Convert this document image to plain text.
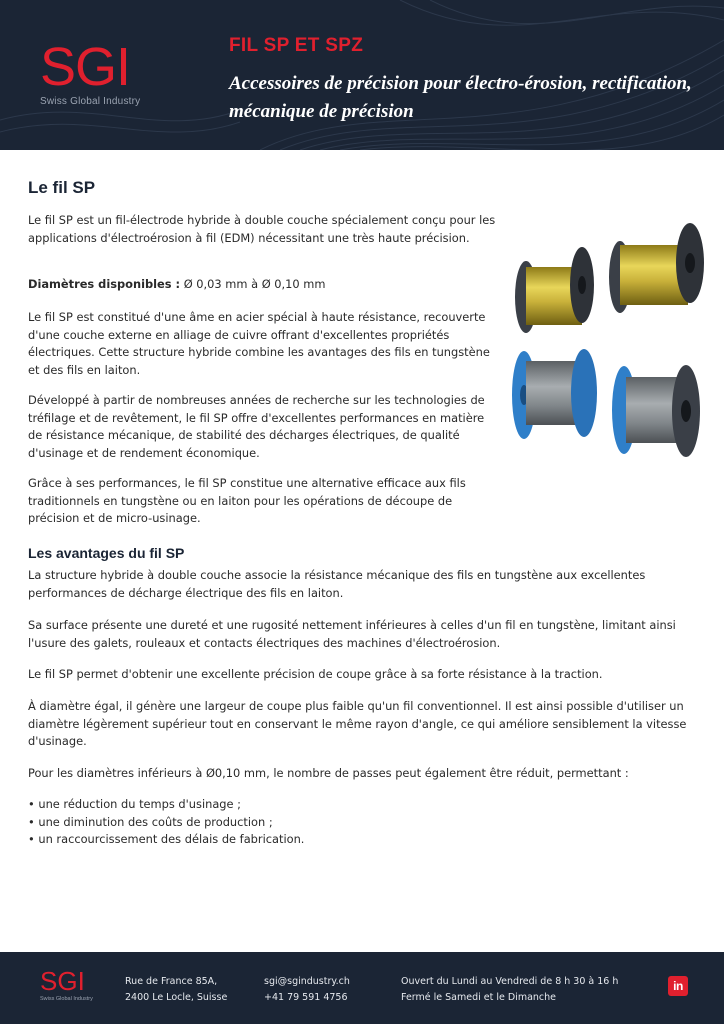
SGI
Swiss Global Industry
FIL SP ET SPZ
Accessoires de précision pour électro-érosion, rectification, mécanique de précision
Le fil SP
Le fil SP est un fil-électrode hybride à double couche spécialement conçu pour les applications d'électroérosion à fil (EDM) nécessitant une très haute précision.
Diamètres disponibles : Ø 0,03 mm à Ø 0,10 mm
Le fil SP est constitué d'une âme en acier spécial à haute résistance, recouverte d'une couche externe en alliage de cuivre offrant d'excellentes propriétés électriques. Cette structure hybride combine les avantages des fils en tungstène et des fils en laiton.
Développé à partir de nombreuses années de recherche sur les technologies de tréfilage et de revêtement, le fil SP offre d'excellentes performances en matière de résistance mécanique, de stabilité des décharges électriques, de qualité d'usinage et de rendement économique.
Grâce à ses performances, le fil SP constitue une alternative efficace aux fils traditionnels en tungstène ou en laiton pour les opérations de découpe de précision et de micro-usinage.
Les avantages du fil SP
La structure hybride à double couche associe la résistance mécanique des fils en tungstène aux excellentes performances de décharge électrique des fils en laiton.
Sa surface présente une dureté et une rugosité nettement inférieures à celles d'un fil en tungstène, limitant ainsi l'usure des galets, rouleaux et contacts électriques des machines d'électroérosion.
Le fil SP permet d'obtenir une excellente précision de coupe grâce à sa forte résistance à la traction.
À diamètre égal, il génère une largeur de coupe plus faible qu'un fil conventionnel. Il est ainsi possible d'utiliser un diamètre légèrement supérieur tout en conservant le même rayon d'angle, ce qui améliore sensiblement la vitesse d'usinage.
Pour les diamètres inférieurs à Ø0,10 mm, le nombre de passes peut également être réduit, permettant :
• une réduction du temps d'usinage ;
• une diminution des coûts de production ;
• un raccourcissement des délais de fabrication.
SGI
Swiss Global Industry
Rue de France 85A,
2400 Le Locle, Suisse
sgi@sgindustry.ch
+41 79 591 4756
Ouvert du Lundi au Vendredi de 8 h 30 à 16 h
Fermé le Samedi et le Dimanche
in
